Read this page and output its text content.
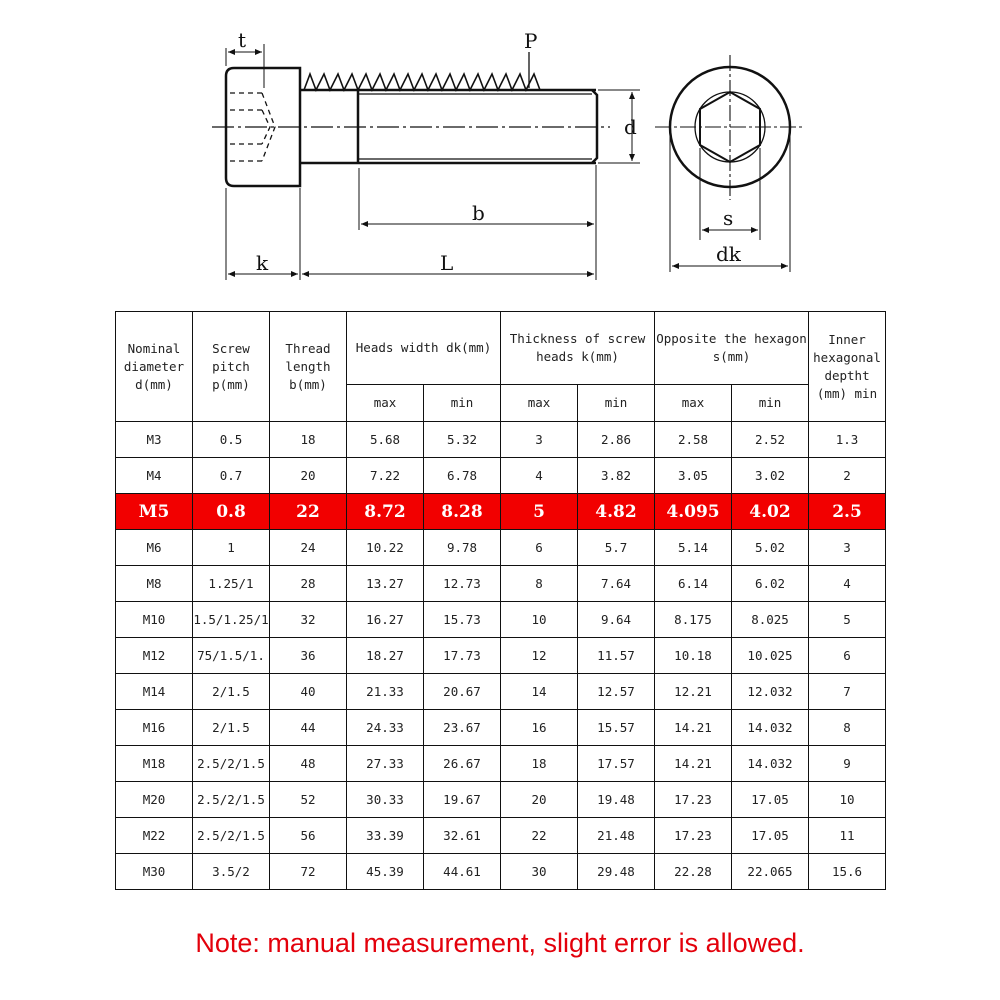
t	P
d
b
k	L
s
dk
Nominal diameter d(mm)	Screw pitch p(mm)	Thread length b(mm)	Heads width dk(mm)		Thickness of screw heads k(mm)		Opposite the hexagon s(mm)		Inner hexagonal deptht (mm) min
			max	min	max	min	max	min	
M3	0.5	18	5.68	5.32	3	2.86	2.58	2.52	1.3
M4	0.7	20	7.22	6.78	4	3.82	3.05	3.02	2
M5	0.8	22	8.72	8.28	5	4.82	4.095	4.02	2.5
M6	1	24	10.22	9.78	6	5.7	5.14	5.02	3
M8	1.25/1	28	13.27	12.73	8	7.64	6.14	6.02	4
M10	1.5/1.25/1	32	16.27	15.73	10	9.64	8.175	8.025	5
M12	75/1.5/1.	36	18.27	17.73	12	11.57	10.18	10.025	6
M14	2/1.5	40	21.33	20.67	14	12.57	12.21	12.032	7
M16	2/1.5	44	24.33	23.67	16	15.57	14.21	14.032	8
M18	2.5/2/1.5	48	27.33	26.67	18	17.57	14.21	14.032	9
M20	2.5/2/1.5	52	30.33	19.67	20	19.48	17.23	17.05	10
M22	2.5/2/1.5	56	33.39	32.61	22	21.48	17.23	17.05	11
M30	3.5/2	72	45.39	44.61	30	29.48	22.28	22.065	15.6
Note: manual measurement, slight error is allowed.
